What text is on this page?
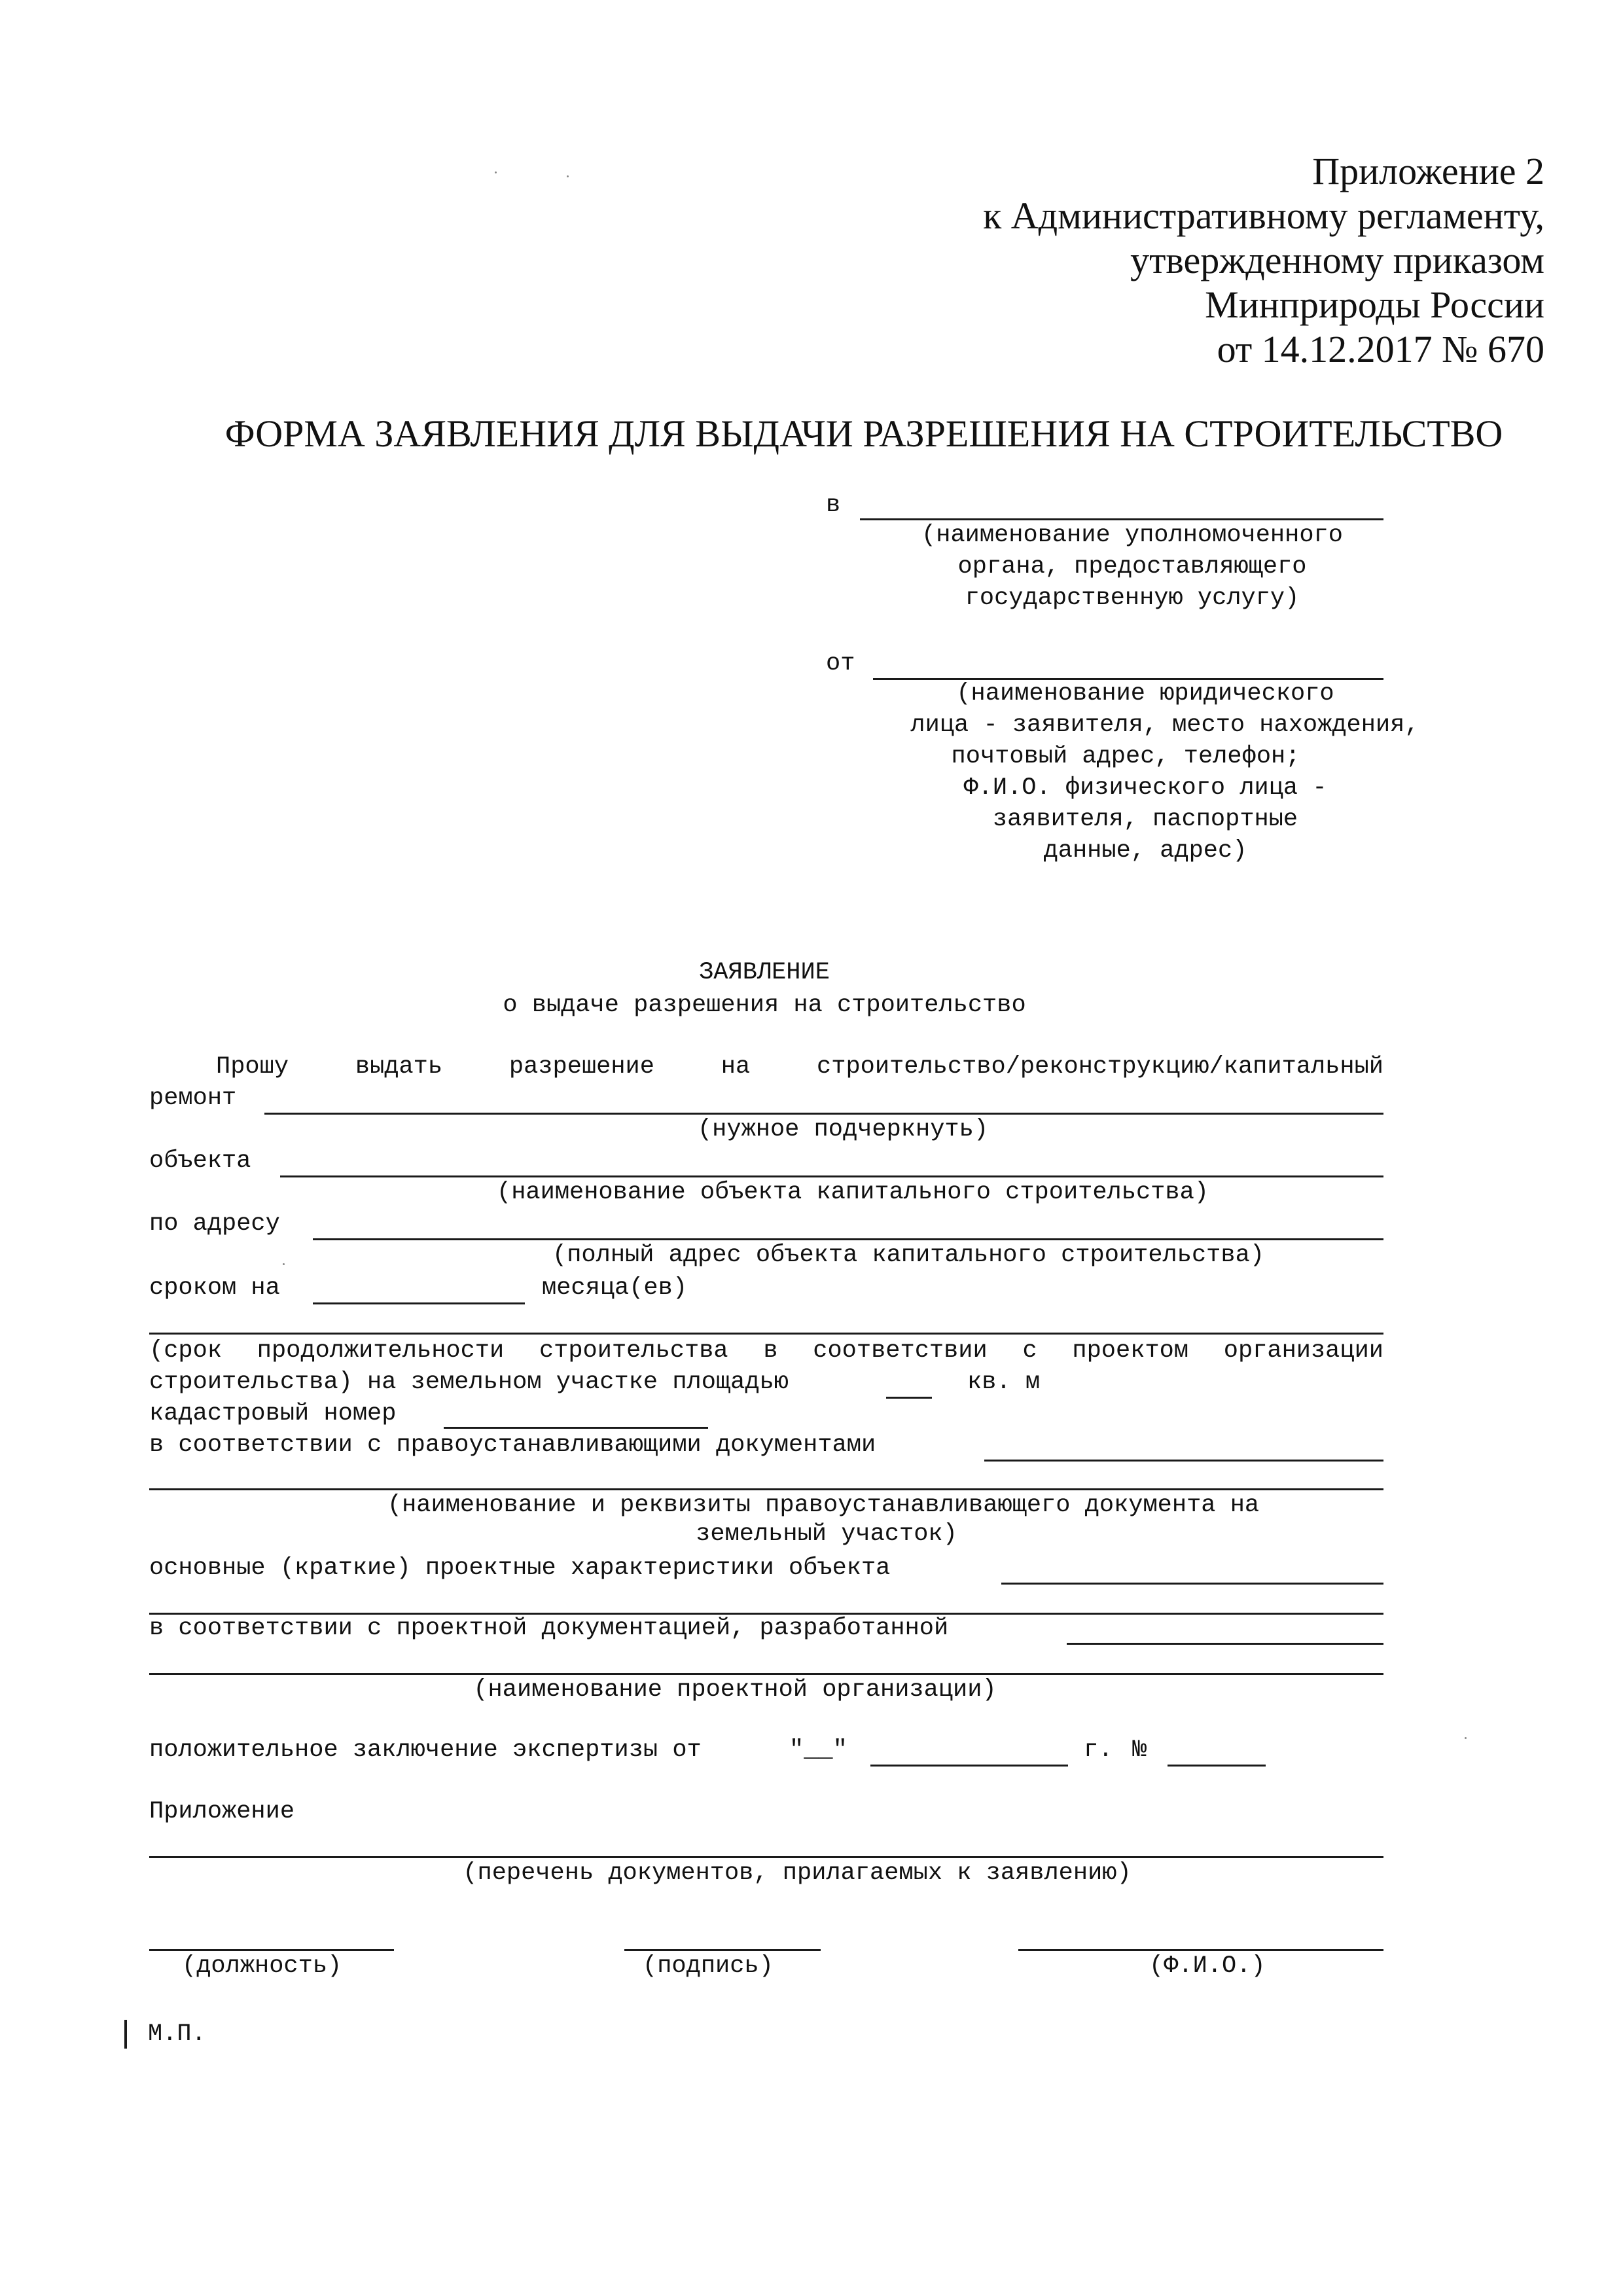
Приложение 2
к Административному регламенту,
утвержденному приказом
Минприроды России
от 14.12.2017 № 670
ФОРМА ЗАЯВЛЕНИЯ ДЛЯ ВЫДАЧИ РАЗРЕШЕНИЯ НА СТРОИТЕЛЬСТВО
в
(наименование уполномоченного
органа, предоставляющего
государственную услугу)
от
(наименование юридического
лица - заявителя, место нахождения,
почтовый адрес, телефон;
Ф.И.О. физического лица -
заявителя, паспортные
данные, адрес)
ЗАЯВЛЕНИЕ
о выдаче разрешения на строительство
Прошу	выдать	разрешение	на	строительство/реконструкцию/капитальный
ремонт
(нужное подчеркнуть)
объекта
(наименование объекта капитального строительства)
по адресу
(полный адрес объекта капитального строительства)
сроком на	месяца(ев)
(срок продолжительности строительства в соответствии с проектом организации
строительства) на земельном участке площадью	кв. м
кадастровый номер
в соответствии с правоустанавливающими документами
(наименование и реквизиты правоустанавливающего документа на
земельный участок)
основные (краткие) проектные характеристики объекта
в соответствии с проектной документацией, разработанной
(наименование проектной организации)
положительное заключение экспертизы от	"__"	г. №
Приложение
(перечень документов, прилагаемых к заявлению)
(должность)	(подпись)	(Ф.И.О.)
М.П.
